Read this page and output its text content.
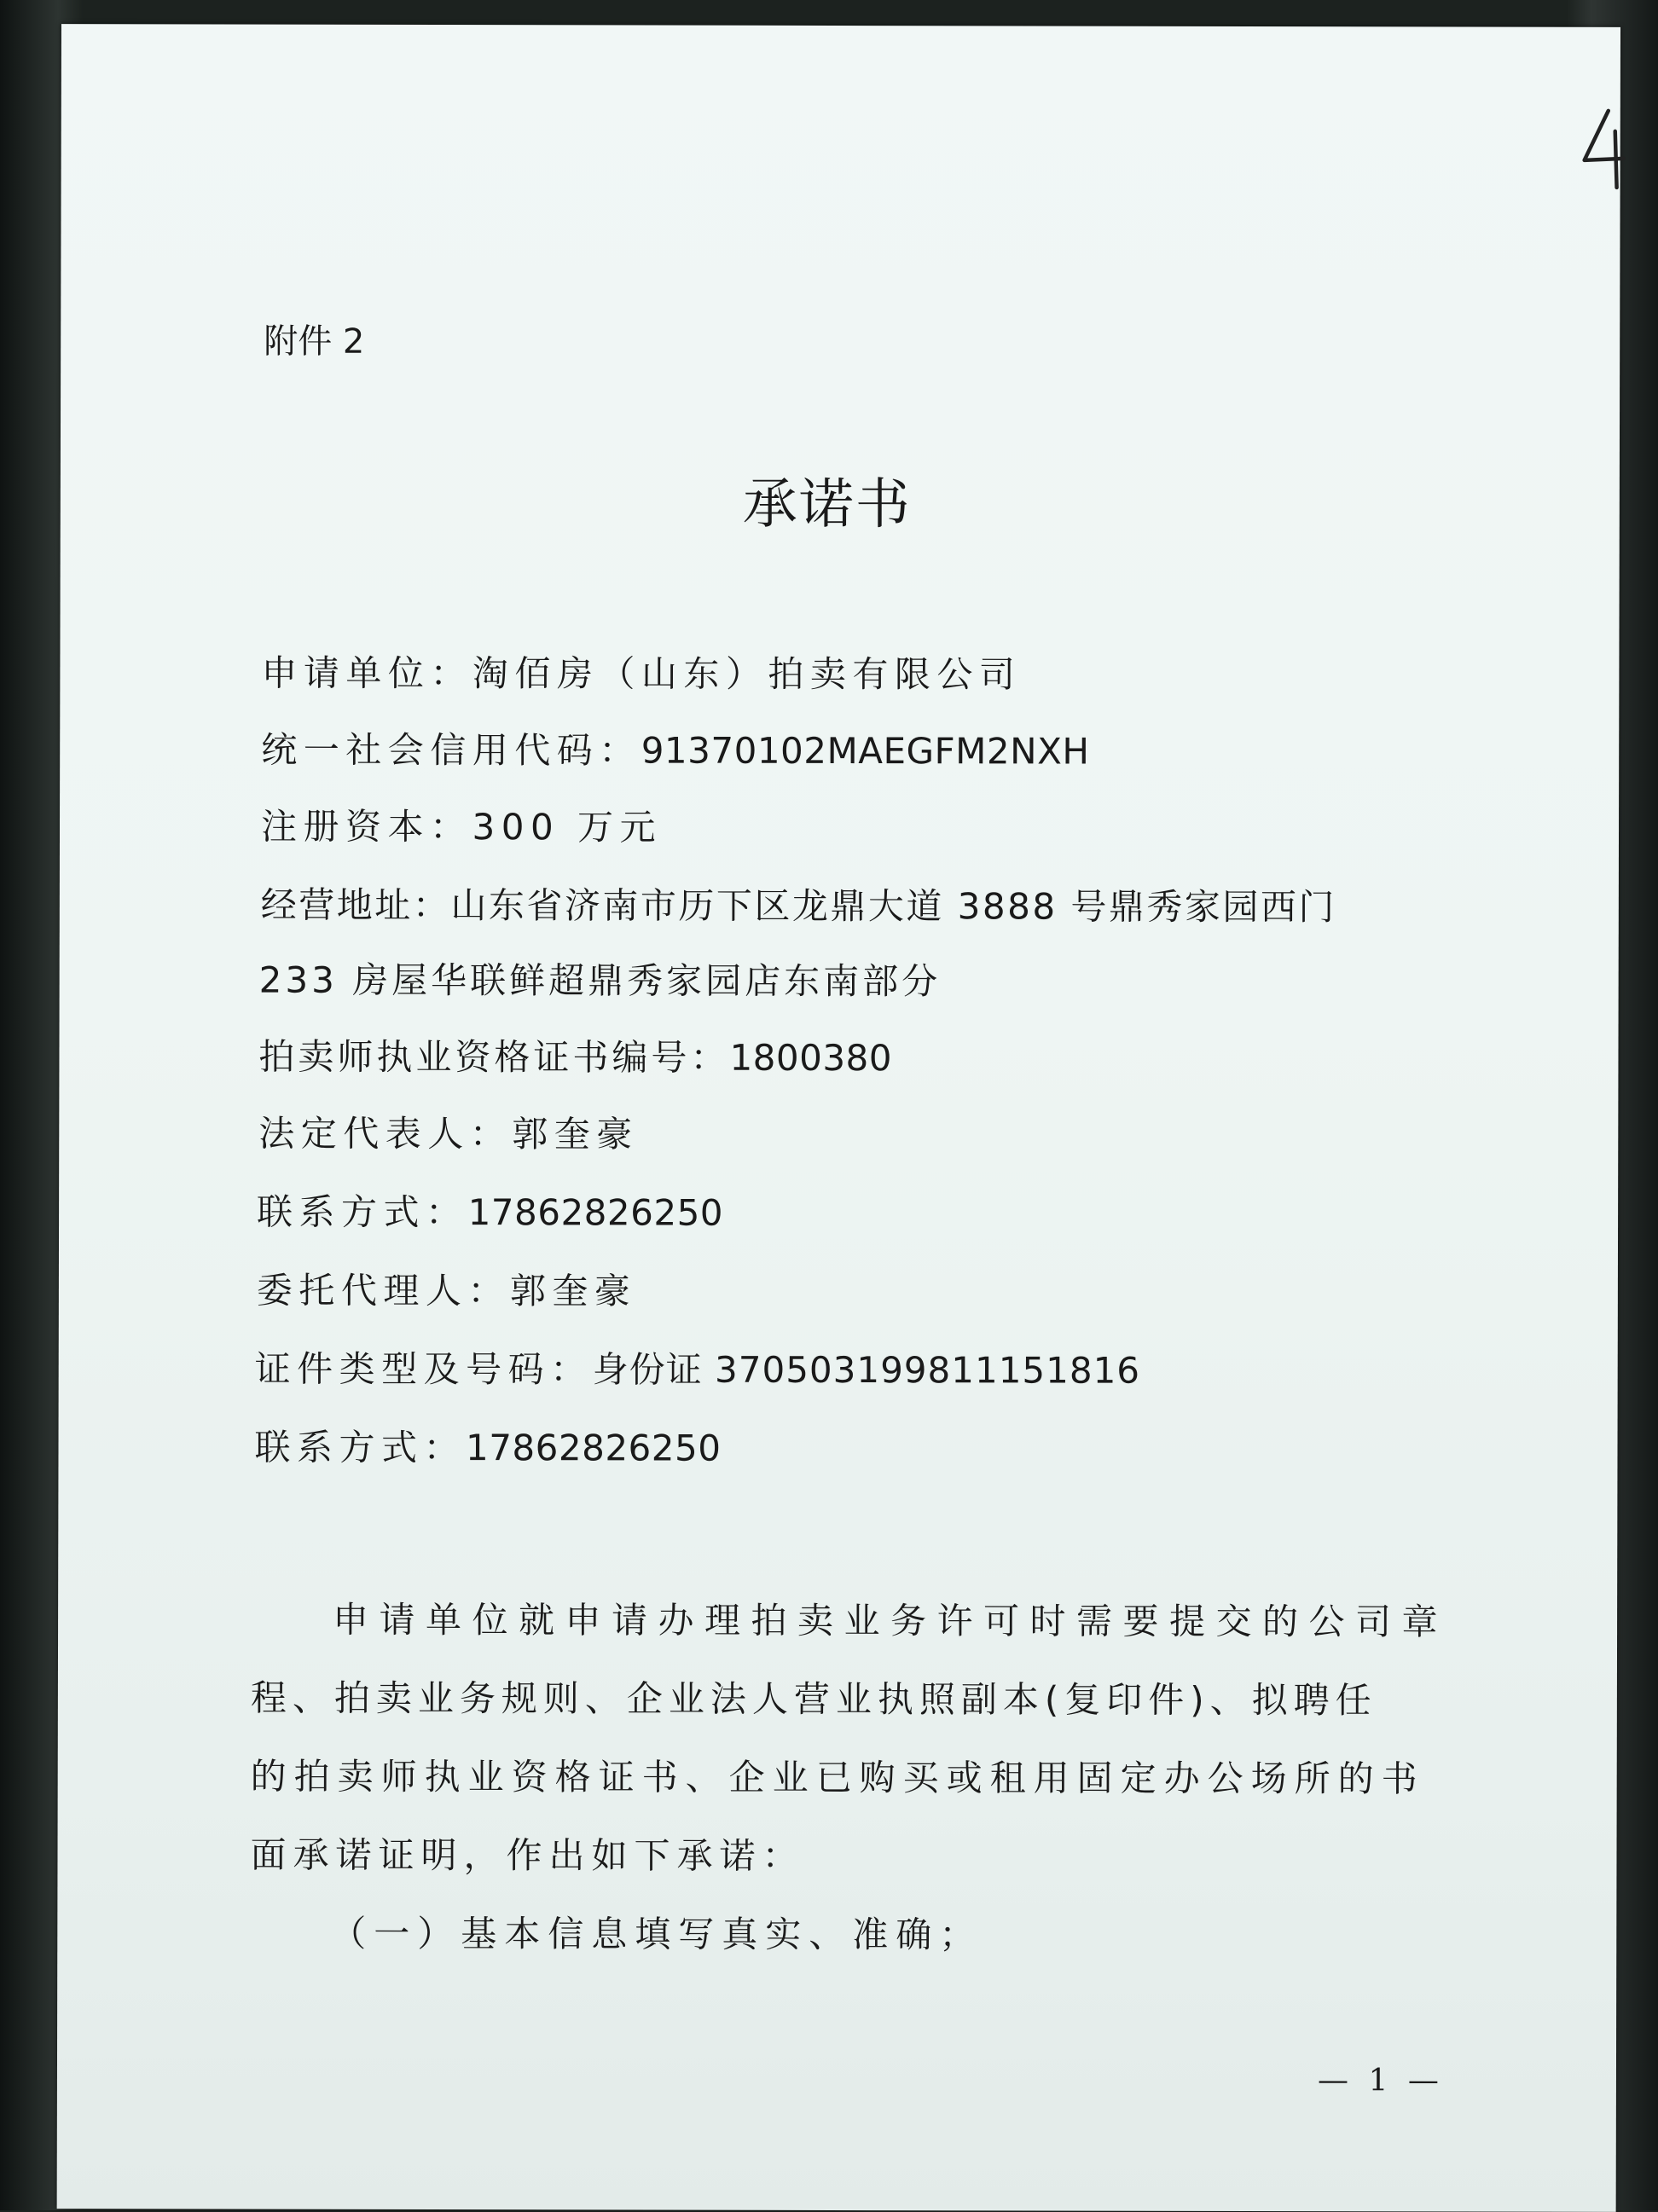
附件 2
承诺书
申请单位：淘佰房（山东）拍卖有限公司
统一社会信用代码：91370102MAEGFM2NXH
注册资本：300 万元
经营地址：山东省济南市历下区龙鼎大道 3888 号鼎秀家园西门
233 房屋华联鲜超鼎秀家园店东南部分
拍卖师执业资格证书编号：1800380
法定代表人：郭奎豪
联系方式：17862826250
委托代理人：郭奎豪
证件类型及号码：身份证 370503199811151816
联系方式：17862826250
申请单位就申请办理拍卖业务许可时需要提交的公司章
程、拍卖业务规则、企业法人营业执照副本(复印件)、拟聘任
的拍卖师执业资格证书、企业已购买或租用固定办公场所的书
面承诺证明，作出如下承诺：
（一）基本信息填写真实、准确；
— 1 —
